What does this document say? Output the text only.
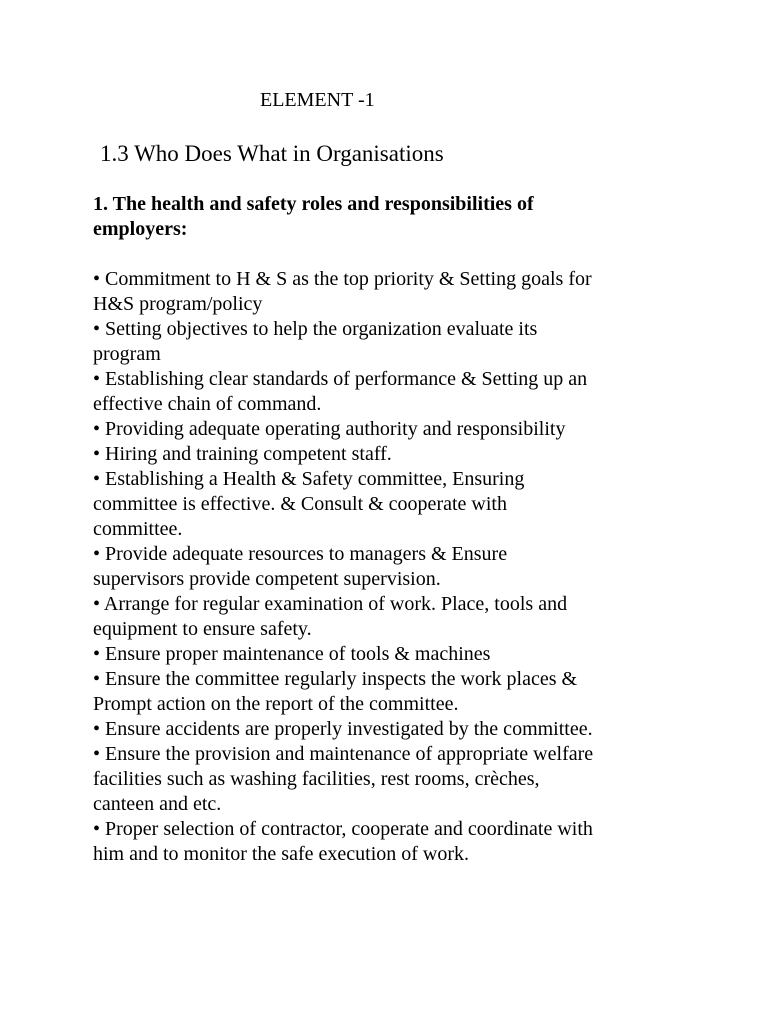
ELEMENT -1
1.3 Who Does What in Organisations
1. The health and safety roles and responsibilities of
employers:
• Commitment to H & S as the top priority & Setting goals for
H&S program/policy
• Setting objectives to help the organization evaluate its
program
• Establishing clear standards of performance & Setting up an
effective chain of command.
• Providing adequate operating authority and responsibility
• Hiring and training competent staff.
• Establishing a Health & Safety committee, Ensuring
committee is effective. & Consult & cooperate with
committee.
• Provide adequate resources to managers & Ensure
supervisors provide competent supervision.
• Arrange for regular examination of work. Place, tools and
equipment to ensure safety.
• Ensure proper maintenance of tools & machines
• Ensure the committee regularly inspects the work places &
Prompt action on the report of the committee.
• Ensure accidents are properly investigated by the committee.
• Ensure the provision and maintenance of appropriate welfare
facilities such as washing facilities, rest rooms, crèches,
canteen and etc.
• Proper selection of contractor, cooperate and coordinate with
him and to monitor the safe execution of work.
